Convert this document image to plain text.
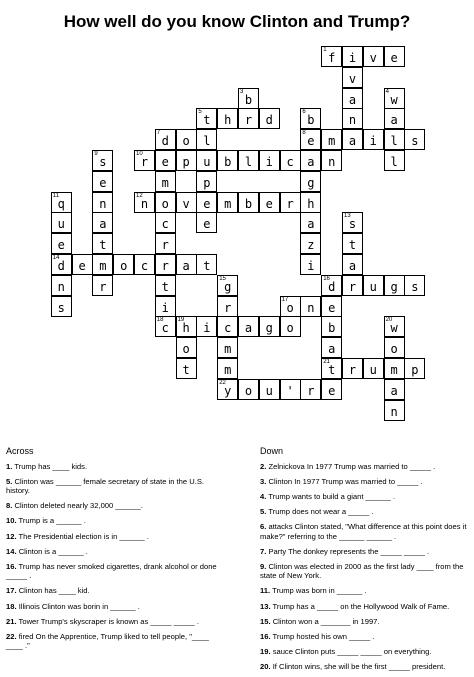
How well do you know Clinton and Trump?
1
f	i	v	e
v
a
n
a
3
b
r
4
w
a
l
l
5
t	h	d
6
b
8
e	m	i	s
7
d	o	l
9
s
10
r	e	p	u	b	l	i	c	a	n
e	m	p	g
11
q	n
12
n	o	v	e	m	b	e	r	h
u	a	c	e	a
13
s
e	t	r	z	t
14
d	e	m	o	c	r	a	t	i	a
n	r	t
15
g
16
d	r	u	g	s
s	i	r
17
o	n	e
18
c
19
h	i	c	a	g	o	b
20
w
o	m	a	o
t	m
21
t	r	u	m	p
22
y	o	u	'	r	e	a
n
Across
1. Trump has ____ kids.
5. Clinton was ______ female secretary of state in the U.S. history.
8. Clinton deleted nearly 32,000 ______.
10. Trump is a ______ .
12. The Presidential election is in ______ .
14. Clinton is a ______ .
16. Trump has never smoked cigarettes, drank alcohol or done _____ .
17. Clinton has ____ kid.
18. Illinois Clinton was borin in ______ .
21. Tower Trump's skyscraper is known as _____ _____ .
22. fired On the Apprentice, Trump liked to tell people, "____ ____ ."
Down
2. Zelnickova In 1977 Trump was married to _____ .
3. Clinton In 1977 Trump was married to _____ .
4. Trump wants to build a giant ______ .
5. Trump does not wear a _____ .
6. attacks Clinton stated, "What difference at this point does it make?" referring to the ______ ______ .
7. Party The donkey represents the _____ _____ .
9. Clinton was elected in 2000 as the first lady ____ from the state of New York.
11. Trump was born in ______ .
13. Trump has a _____ on the Hollywood Walk of Fame.
15. Clinton won a _______ in 1997.
16. Trump hosted his own _____ .
19. sauce Clinton puts _____ _____ on everything.
20. If Clinton wins, she will be the first _____ president.
